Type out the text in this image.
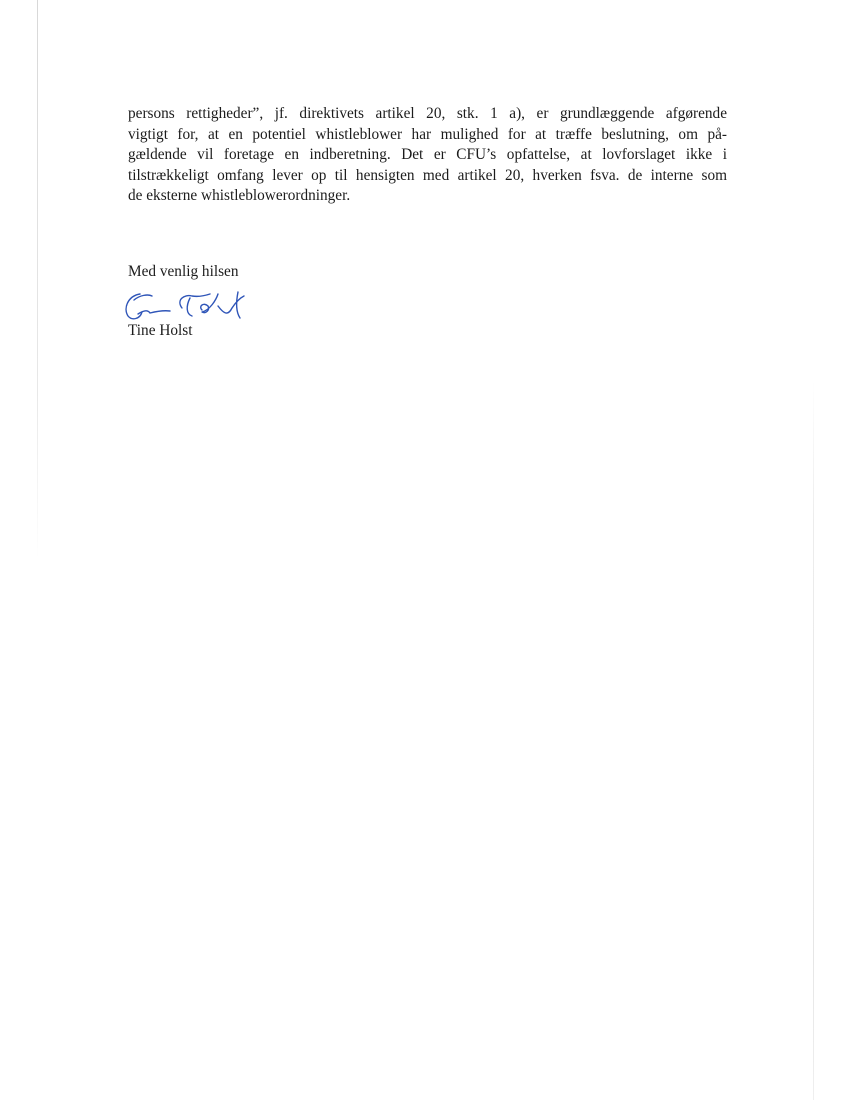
persons rettigheder”, jf. direktivets artikel 20, stk. 1 a), er grundlæggende afgørende
vigtigt for, at en potentiel whistleblower har mulighed for at træffe beslutning, om på-
gældende vil foretage en indberetning. Det er CFU’s opfattelse, at lovforslaget ikke i
tilstrækkeligt omfang lever op til hensigten med artikel 20, hverken fsva. de interne som
de eksterne whistleblowerordninger.
Med venlig hilsen
Tine Holst
